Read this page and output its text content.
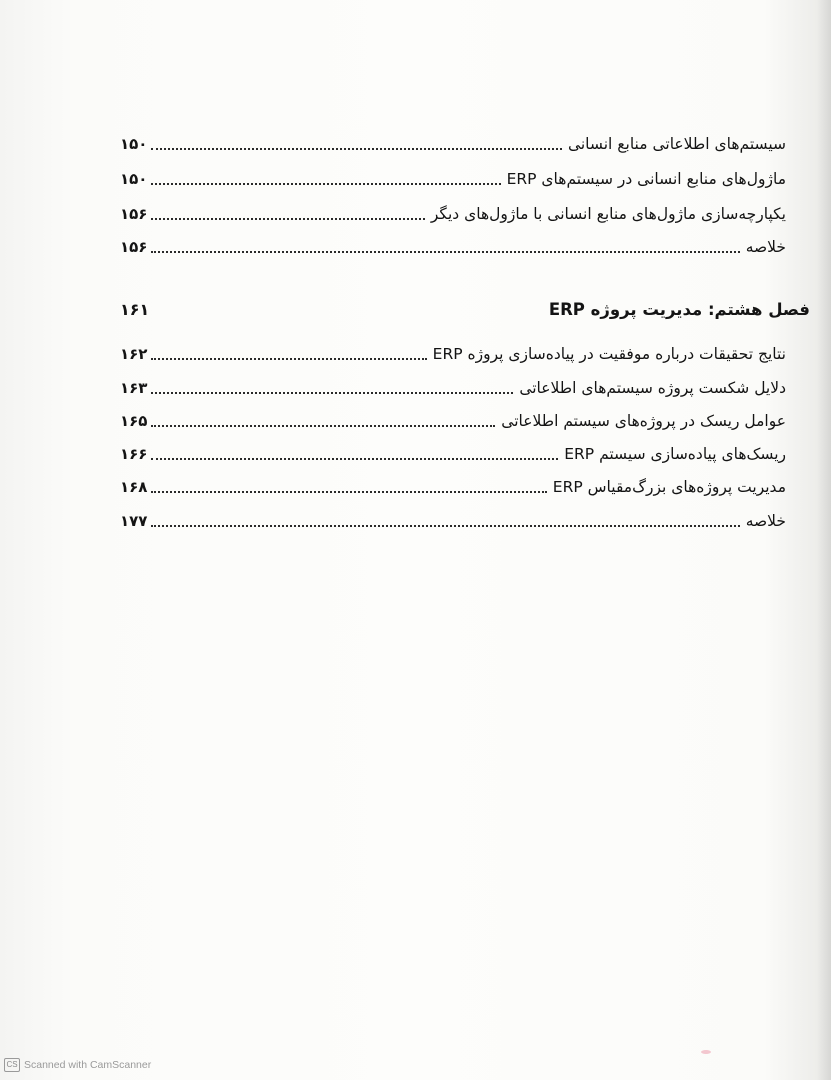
سیستم‌های اطلاعاتی منابع انسانی
۱۵۰
ماژول‌های منابع انسانی در سیستم‌های ERP
۱۵۰
یکپارچه‌سازی ماژول‌های منابع انسانی با ماژول‌های دیگر
۱۵۶
خلاصه
۱۵۶
فصل هشتم: مدیریت پروژه ERP
۱۶۱
نتایج تحقیقات درباره موفقیت در پیاده‌سازی پروژه ERP
۱۶۲
دلایل شکست پروژه سیستم‌های اطلاعاتی
۱۶۳
عوامل ریسک در پروژه‌های سیستم اطلاعاتی
۱۶۵
ریسک‌های پیاده‌سازی سیستم ERP
۱۶۶
مدیریت پروژه‌های بزرگ‌مقیاس ERP
۱۶۸
خلاصه
۱۷۷
CS Scanned with CamScanner
